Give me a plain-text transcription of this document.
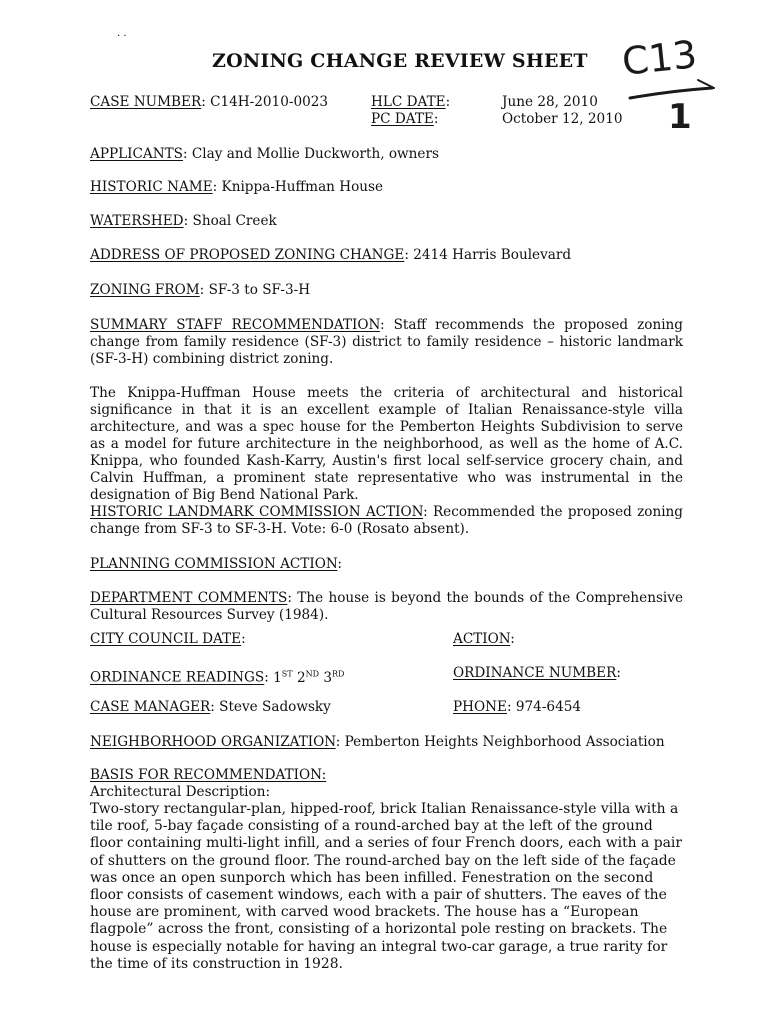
· ·
ZONING CHANGE REVIEW SHEET C13
1
CASE NUMBER: C14H-2010-0023	HLC DATE:	June 28, 2010
PC DATE:	October 12, 2010
APPLICANTS: Clay and Mollie Duckworth, owners
HISTORIC NAME: Knippa-Huffman House
WATERSHED: Shoal Creek
ADDRESS OF PROPOSED ZONING CHANGE: 2414 Harris Boulevard
ZONING FROM: SF-3 to SF-3-H
SUMMARY STAFF RECOMMENDATION: Staff recommends the proposed zoning change from family residence (SF-3) district to family residence – historic landmark (SF-3-H) combining district zoning.
The Knippa-Huffman House meets the criteria of architectural and historical significance in that it is an excellent example of Italian Renaissance-style villa architecture, and was a spec house for the Pemberton Heights Subdivision to serve as a model for future architecture in the neighborhood, as well as the home of A.C. Knippa, who founded Kash-Karry, Austin's first local self-service grocery chain, and Calvin Huffman, a prominent state representative who was instrumental in the designation of Big Bend National Park.
HISTORIC LANDMARK COMMISSION ACTION: Recommended the proposed zoning change from SF-3 to SF-3-H. Vote: 6-0 (Rosato absent).
PLANNING COMMISSION ACTION:
DEPARTMENT COMMENTS: The house is beyond the bounds of the Comprehensive Cultural Resources Survey (1984).
CITY COUNCIL DATE:	ACTION:
ORDINANCE READINGS: 1ST 2ND 3RD	ORDINANCE NUMBER:
CASE MANAGER: Steve Sadowsky	PHONE: 974-6454
NEIGHBORHOOD ORGANIZATION: Pemberton Heights Neighborhood Association
BASIS FOR RECOMMENDATION:
Architectural Description:
Two-story rectangular-plan, hipped-roof, brick Italian Renaissance-style villa with a tile roof, 5-bay façade consisting of a round-arched bay at the left of the ground floor containing multi-light infill, and a series of four French doors, each with a pair of shutters on the ground floor. The round-arched bay on the left side of the façade was once an open sunporch which has been infilled. Fenestration on the second floor consists of casement windows, each with a pair of shutters. The eaves of the house are prominent, with carved wood brackets. The house has a “European flagpole” across the front, consisting of a horizontal pole resting on brackets. The house is especially notable for having an integral two-car garage, a true rarity for the time of its construction in 1928.
